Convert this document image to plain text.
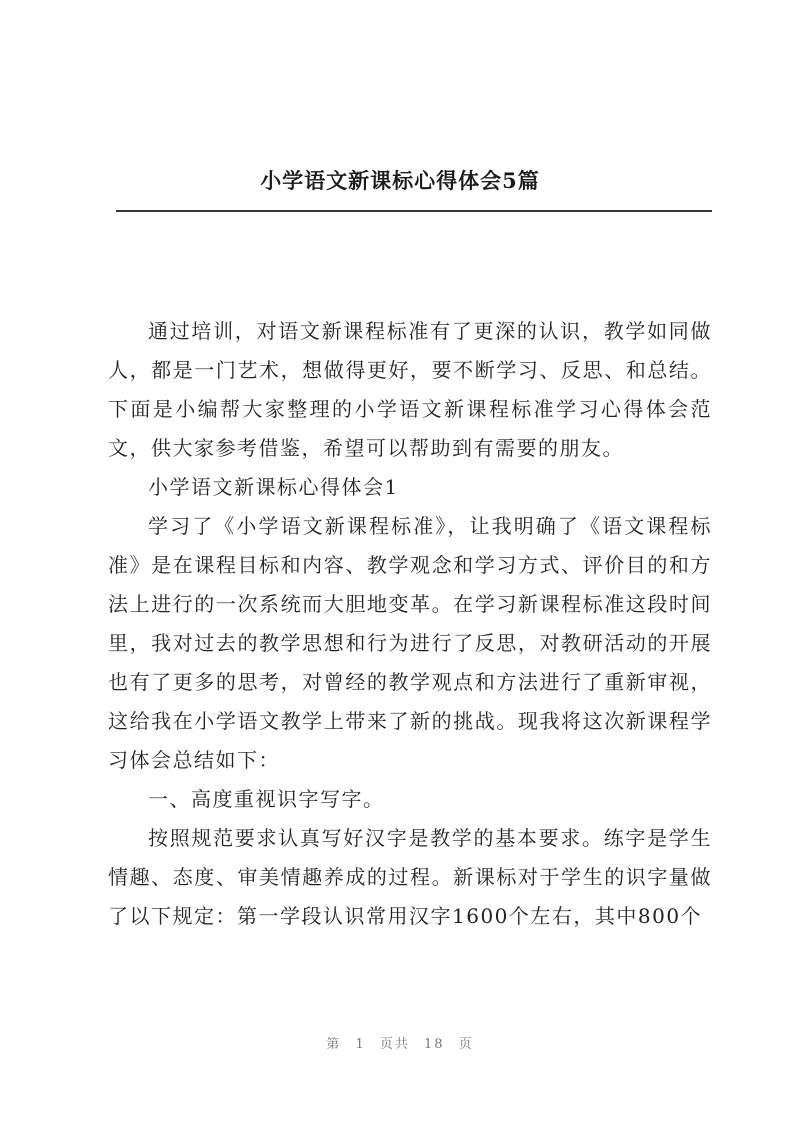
小学语文新课标心得体会5篇

通过培训，对语文新课程标准有了更深的认识，教学如同做人，都是一门艺术，想做得更好，要不断学习、反思、和总结。下面是小编帮大家整理的小学语文新课程标准学习心得体会范文，供大家参考借鉴，希望可以帮助到有需要的朋友。

小学语文新课标心得体会1

学习了《小学语文新课程标准》，让我明确了《语文课程标准》是在课程目标和内容、教学观念和学习方式、评价目的和方法上进行的一次系统而大胆地变革。在学习新课程标准这段时间里，我对过去的教学思想和行为进行了反思，对教研活动的开展也有了更多的思考，对曾经的教学观点和方法进行了重新审视，这给我在小学语文教学上带来了新的挑战。现我将这次新课程学习体会总结如下：

一、高度重视识字写字。

按照规范要求认真写好汉字是教学的基本要求。练字是学生情趣、态度、审美情趣养成的过程。新课标对于学生的识字量做了以下规定：第一学段认识常用汉字1600个左右，其中800个

第 1 页共 18 页
